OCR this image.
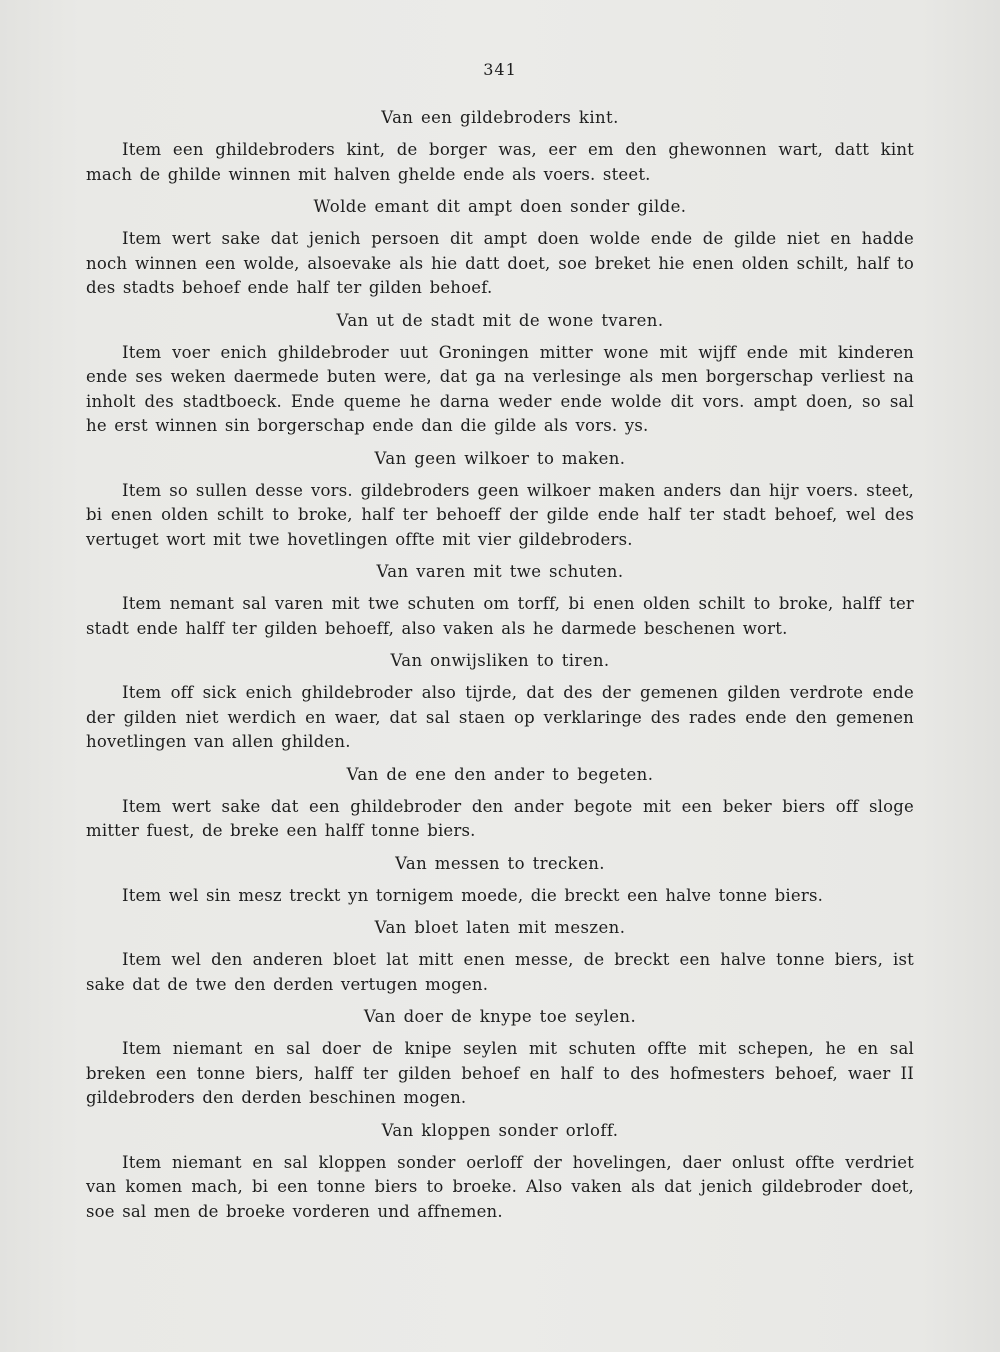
341

Van een gildebroders kint.

Item een ghildebroders kint, de borger was, eer em den ghewonnen wart, datt kint mach de ghilde winnen mit halven ghelde ende als voers. steet.

Wolde emant dit ampt doen sonder gilde.

Item wert sake dat jenich persoen dit ampt doen wolde ende de gilde niet en hadde noch winnen een wolde, alsoevake als hie datt doet, soe breket hie enen olden schilt, half to des stadts behoef ende half ter gilden behoef.

Van ut de stadt mit de wone tvaren.

Item voer enich ghildebroder uut Groningen mitter wone mit wijff ende mit kinderen ende ses weken daermede buten were, dat ga na verlesinge als men borgerschap verliest na inholt des stadtboeck. Ende queme he darna weder ende wolde dit vors. ampt doen, so sal he erst winnen sin borgerschap ende dan die gilde als vors. ys.

Van geen wilkoer to maken.

Item so sullen desse vors. gildebroders geen wilkoer maken anders dan hijr voers. steet, bi enen olden schilt to broke, half ter behoeff der gilde ende half ter stadt behoef, wel des vertuget wort mit twe hovetlingen offte mit vier gildebroders.

Van varen mit twe schuten.

Item nemant sal varen mit twe schuten om torff, bi enen olden schilt to broke, halff ter stadt ende halff ter gilden behoeff, also vaken als he darmede beschenen wort.

Van onwijsliken to tiren.

Item off sick enich ghildebroder also tijrde, dat des der gemenen gilden verdrote ende der gilden niet werdich en waer, dat sal staen op verklaringe des rades ende den gemenen hovetlingen van allen ghilden.

Van de ene den ander to begeten.

Item wert sake dat een ghildebroder den ander begote mit een beker biers off sloge mitter fuest, de breke een halff tonne biers.

Van messen to trecken.

Item wel sin mesz treckt yn tornigem moede, die breckt een halve tonne biers.

Van bloet laten mit meszen.

Item wel den anderen bloet lat mitt enen messe, de breckt een halve tonne biers, ist sake dat de twe den derden vertugen mogen.

Van doer de knype toe seylen.

Item niemant en sal doer de knipe seylen mit schuten offte mit schepen, he en sal breken een tonne biers, halff ter gilden behoef en half to des hofmesters behoef, waer II gildebroders den derden beschinen mogen.

Van kloppen sonder orloff.

Item niemant en sal kloppen sonder oerloff der hovelingen, daer onlust offte verdriet van komen mach, bi een tonne biers to broeke. Also vaken als dat jenich gildebroder doet, soe sal men de broeke vorderen und affnemen.
